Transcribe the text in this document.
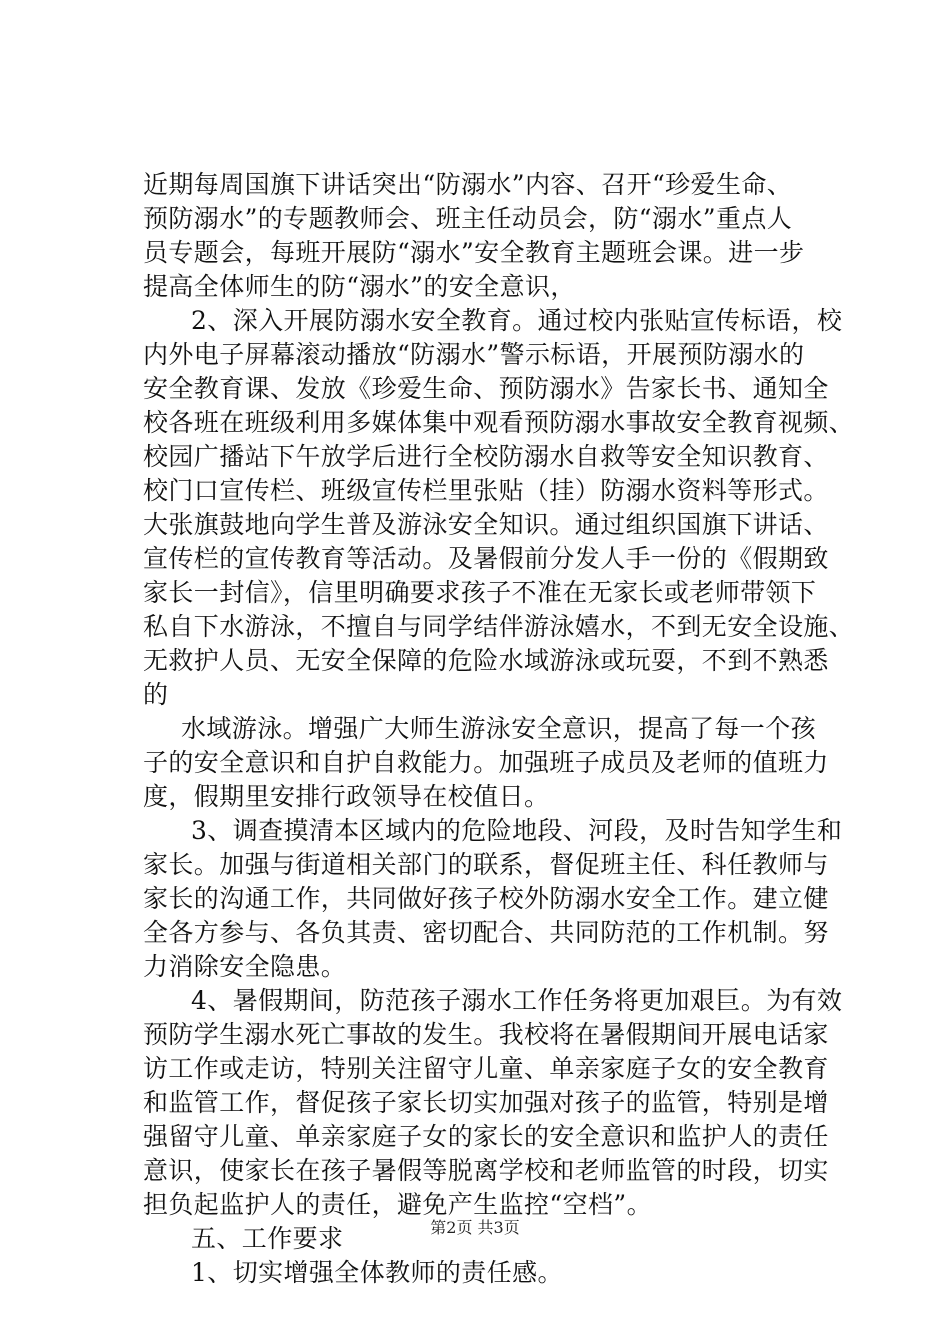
近期每周国旗下讲话突出“防溺水”内容、召开“珍爱生命、
预防溺水”的专题教师会、班主任动员会，防“溺水”重点人
员专题会，每班开展防“溺水”安全教育主题班会课。进一步
提高全体师生的防“溺水”的安全意识，
2、深入开展防溺水安全教育。通过校内张贴宣传标语，校
内外电子屏幕滚动播放“防溺水”警示标语，开展预防溺水的
安全教育课、发放《珍爱生命、预防溺水》告家长书、通知全
校各班在班级利用多媒体集中观看预防溺水事故安全教育视频、
校园广播站下午放学后进行全校防溺水自救等安全知识教育、
校门口宣传栏、班级宣传栏里张贴（挂）防溺水资料等形式。
大张旗鼓地向学生普及游泳安全知识。通过组织国旗下讲话、
宣传栏的宣传教育等活动。及暑假前分发人手一份的《假期致
家长一封信》，信里明确要求孩子不准在无家长或老师带领下
私自下水游泳，不擅自与同学结伴游泳嬉水，不到无安全设施、
无救护人员、无安全保障的危险水域游泳或玩耍，不到不熟悉
的
水域游泳。增强广大师生游泳安全意识，提高了每一个孩
子的安全意识和自护自救能力。加强班子成员及老师的值班力
度，假期里安排行政领导在校值日。
3、调查摸清本区域内的危险地段、河段，及时告知学生和
家长。加强与街道相关部门的联系，督促班主任、科任教师与
家长的沟通工作，共同做好孩子校外防溺水安全工作。建立健
全各方参与、各负其责、密切配合、共同防范的工作机制。努
力消除安全隐患。
4、暑假期间，防范孩子溺水工作任务将更加艰巨。为有效
预防学生溺水死亡事故的发生。我校将在暑假期间开展电话家
访工作或走访，特别关注留守儿童、单亲家庭子女的安全教育
和监管工作，督促孩子家长切实加强对孩子的监管，特别是增
强留守儿童、单亲家庭子女的家长的安全意识和监护人的责任
意识，使家长在孩子暑假等脱离学校和老师监管的时段，切实
担负起监护人的责任，避免产生监控“空档”。
五、工作要求
1、切实增强全体教师的责任感。
第2页 共3页
